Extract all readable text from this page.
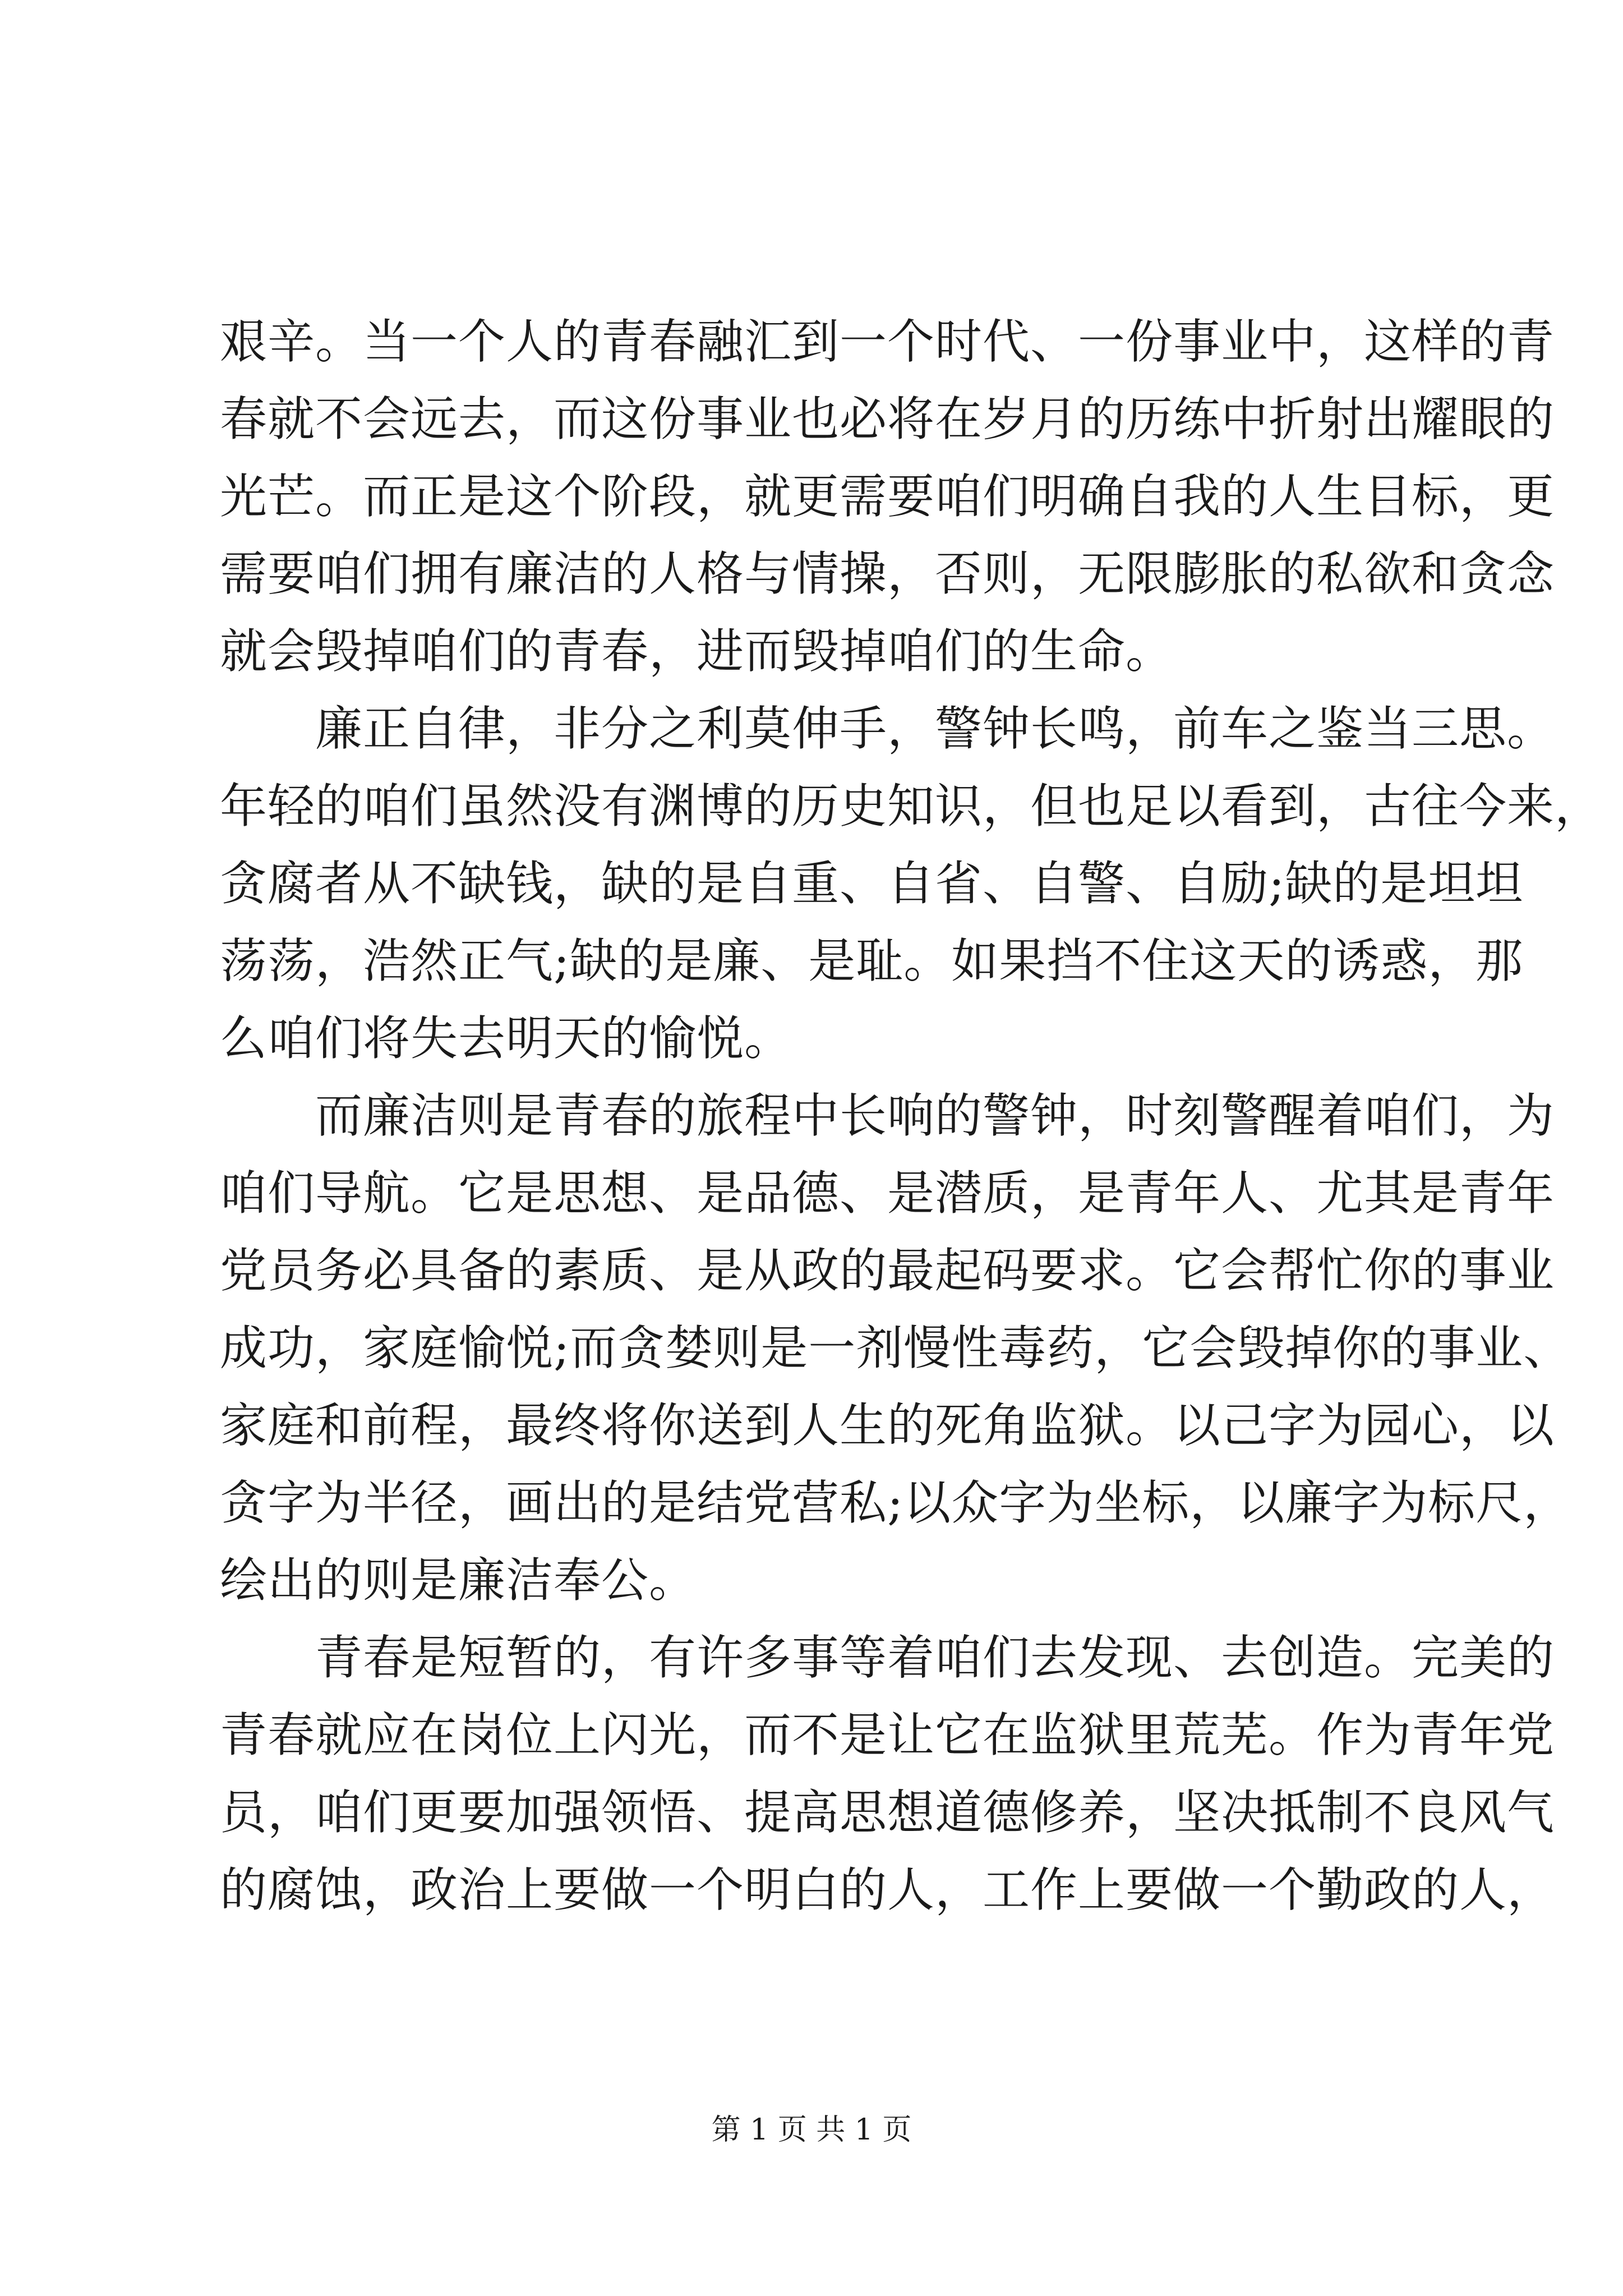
艰辛。当一个人的青春融汇到一个时代、一份事业中，这样的青
春就不会远去，而这份事业也必将在岁月的历练中折射出耀眼的
光芒。而正是这个阶段，就更需要咱们明确自我的人生目标，更
需要咱们拥有廉洁的人格与情操，否则，无限膨胀的私欲和贪念
就会毁掉咱们的青春，进而毁掉咱们的生命。
　　廉正自律，非分之利莫伸手，警钟长鸣，前车之鉴当三思。
年轻的咱们虽然没有渊博的历史知识，但也足以看到，古往今来，
贪腐者从不缺钱，缺的是自重、自省、自警、自励;缺的是坦坦
荡荡，浩然正气;缺的是廉、是耻。如果挡不住这天的诱惑，那
么咱们将失去明天的愉悦。
　　而廉洁则是青春的旅程中长响的警钟，时刻警醒着咱们，为
咱们导航。它是思想、是品德、是潜质，是青年人、尤其是青年
党员务必具备的素质、是从政的最起码要求。它会帮忙你的事业
成功，家庭愉悦;而贪婪则是一剂慢性毒药，它会毁掉你的事业、
家庭和前程，最终将你送到人生的死角监狱。以己字为园心，以
贪字为半径，画出的是结党营私;以众字为坐标，以廉字为标尺，
绘出的则是廉洁奉公。
　　青春是短暂的，有许多事等着咱们去发现、去创造。完美的
青春就应在岗位上闪光，而不是让它在监狱里荒芜。作为青年党
员，咱们更要加强领悟、提高思想道德修养，坚决抵制不良风气
的腐蚀，政治上要做一个明白的人，工作上要做一个勤政的人，
第 1 页 共 1 页
